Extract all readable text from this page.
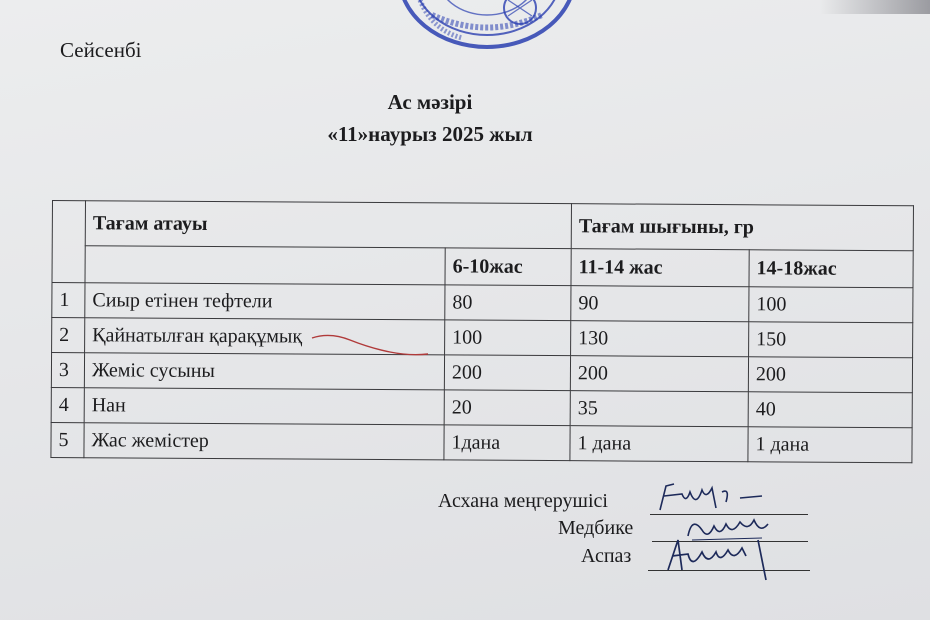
Сейсенбі
Ас мәзірі
«11»наурыз 2025 жыл
	Тағам атауы		Тағам шығыны, гр	
		6-10жас	11-14 жас	14-18жас
1	Сиыр етінен тефтели	80	90	100
2	Қайнатылған қарақұмық	100	130	150
3	Жеміс сусыны	200	200	200
4	Нан	20	35	40
5	Жас жемістер	1дана	1 дана	1 дана
Асхана меңгерушісі
Медбике
Аспаз
